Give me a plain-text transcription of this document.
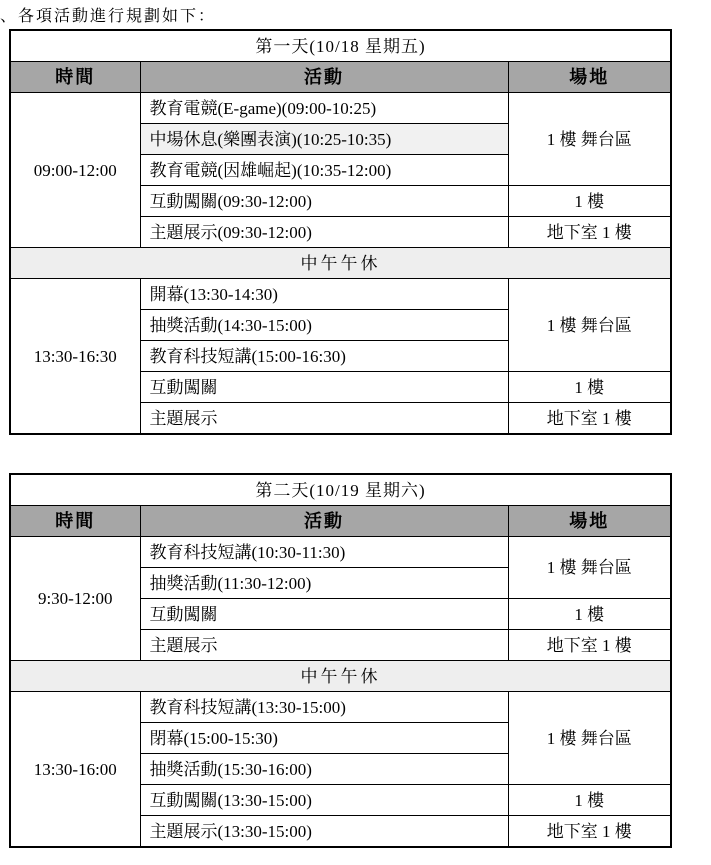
、各項活動進行規劃如下：
第一天(10/18 星期五)		
時間	活動	場地
09:00-12:00	教育電競(E-game)(09:00-10:25)	1 樓 舞台區
	中場休息(樂團表演)(10:25-10:35)	
	教育電競(因雄崛起)(10:35-12:00)	
	互動闖關(09:30-12:00)	1 樓
	主題展示(09:30-12:00)	地下室 1 樓
中午午休		
13:30-16:30	開幕(13:30-14:30)	1 樓 舞台區
	抽獎活動(14:30-15:00)	
	教育科技短講(15:00-16:30)	
	互動闖關	1 樓
	主題展示	地下室 1 樓
第二天(10/19 星期六)		
時間	活動	場地
9:30-12:00	教育科技短講(10:30-11:30)	1 樓 舞台區
	抽獎活動(11:30-12:00)	
	互動闖關	1 樓
	主題展示	地下室 1 樓
中午午休		
13:30-16:00	教育科技短講(13:30-15:00)	1 樓 舞台區
	閉幕(15:00-15:30)	
	抽獎活動(15:30-16:00)	
	互動闖關(13:30-15:00)	1 樓
	主題展示(13:30-15:00)	地下室 1 樓
